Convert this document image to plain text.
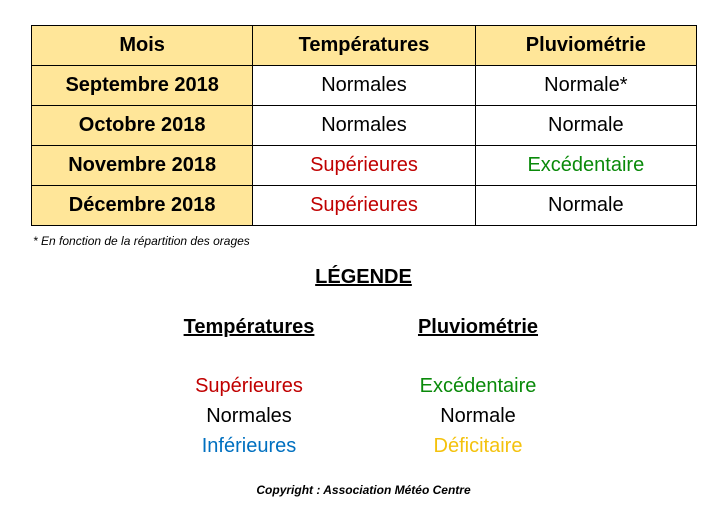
Mois	Températures	Pluviométrie
Septembre 2018	Normales	Normale*
Octobre 2018	Normales	Normale
Novembre 2018	Supérieures	Excédentaire
Décembre 2018	Supérieures	Normale
* En fonction de la répartition des orages
LÉGENDE
Températures
Supérieures
Normales
Inférieures
Pluviométrie
Excédentaire
Normale
Déficitaire
Copyright : Association Météo Centre
